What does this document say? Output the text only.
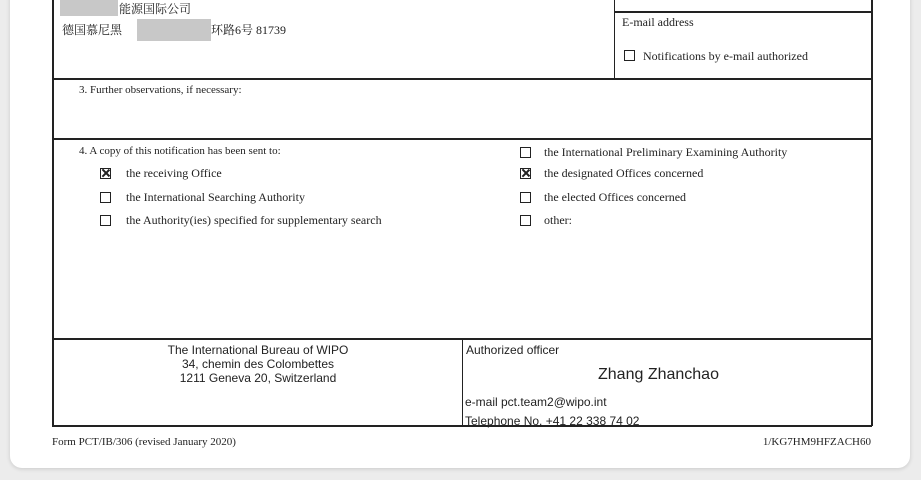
能源国际公司
德国慕尼黑	环路6号 81739
E-mail address
Notifications by e-mail authorized
3. Further observations, if necessary:
4. A copy of this notification has been sent to:
the receiving Office
the International Searching Authority
the Authority(ies) specified for supplementary search
the International Preliminary Examining Authority
the designated Offices concerned
the elected Offices concerned
other:
The International Bureau of WIPO
34, chemin des Colombettes
1211 Geneva 20, Switzerland
Authorized officer
Zhang Zhanchao
e-mail pct.team2@wipo.int
Telephone No. +41 22 338 74 02
Form PCT/IB/306 (revised January 2020)	1/KG7HM9HFZACH60
